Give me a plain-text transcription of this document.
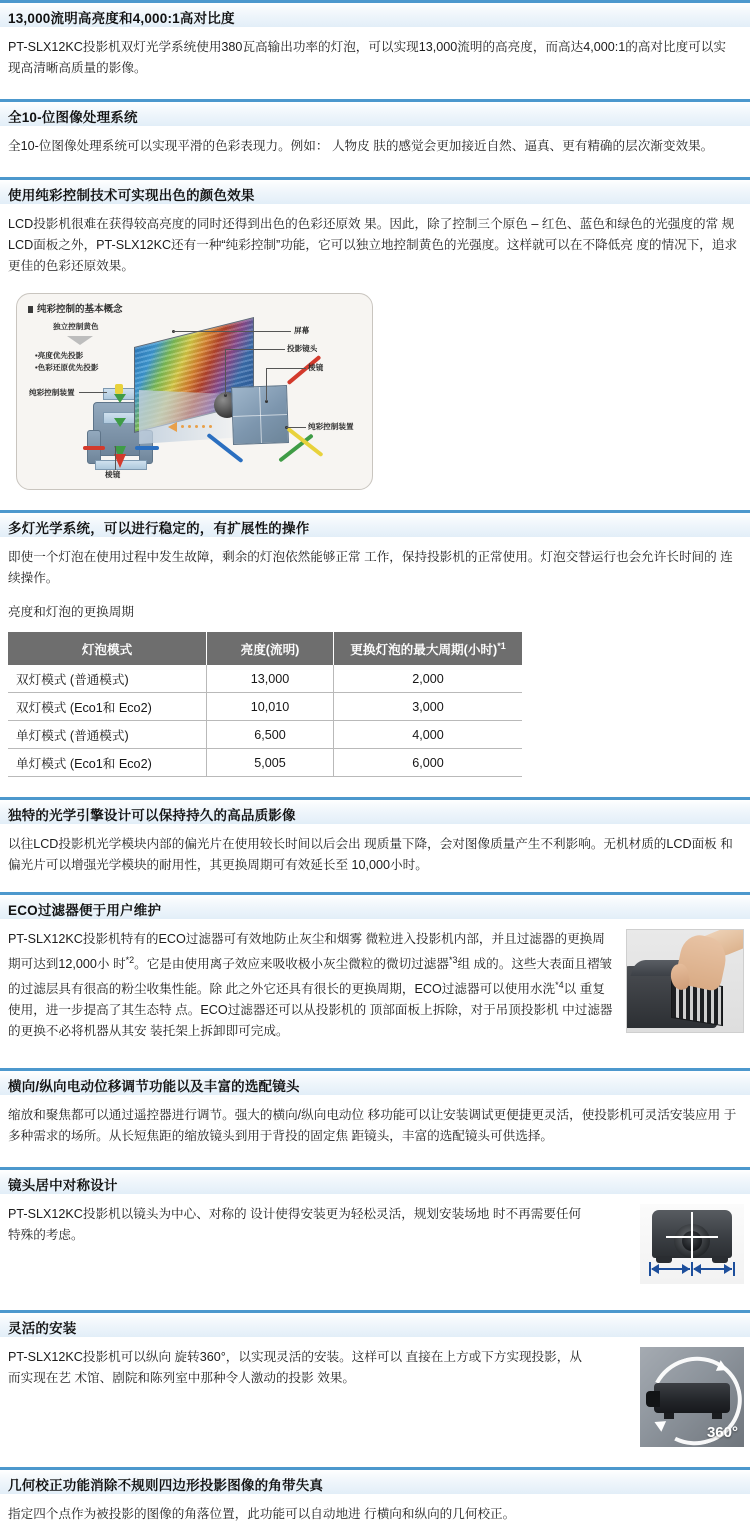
13,000流明高亮度和4,000:1高对比度

PT-SLX12KC投影机双灯光学系统使用380瓦高输出功率的灯泡，可以实现13,000流明的高亮度，而高达4,000:1的高对比度可以实 现高清晰高质量的影像。

全10-位图像处理系统

全10-位图像处理系统可以实现平滑的色彩表现力。例如： 人物皮 肤的感觉会更加接近自然、逼真、更有精确的层次渐变效果。

使用纯彩控制技术可实现出色的颜色效果

LCD投影机很难在获得较高亮度的同时还得到出色的色彩还原效 果。因此，除了控制三个原色 – 红色、蓝色和绿色的光强度的常 规LCD面板之外，PT-SLX12KC还有一种“纯彩控制”功能，它可以独立地控制黄色的光强度。这样就可以在不降低亮 度的情况下，追求更佳的色彩还原效果。

纯彩控制的基本概念
独立控制黄色
•亮度优先投影
•色彩还原优先投影
纯彩控制装置
棱镜
屏幕
投影镜头
棱镜
纯彩控制装置
多灯光学系统，可以进行稳定的，有扩展性的操作

即使一个灯泡在使用过程中发生故障，剩余的灯泡依然能够正常 工作，保持投影机的正常使用。灯泡交替运行也会允许长时间的 连续操作。

亮度和灯泡的更换周期

灯泡模式	亮度(流明)	更换灯泡的最大周期(小时)$^{*1}$
双灯模式 (普通模式)	13,000	2,000
双灯模式 (Eco1和 Eco2)	10,010	3,000
单灯模式 (普通模式)	6,500	4,000
单灯模式 (Eco1和 Eco2)	5,005	6,000
独特的光学引擎设计可以保持持久的高品质影像

以往LCD投影机光学模块内部的偏光片在使用较长时间以后会出 现质量下降，会对图像质量产生不利影响。无机材质的LCD面板 和偏光片可以增强光学模块的耐用性，其更换周期可有效延长至 10,000小时。

ECO过滤器便于用户维护

PT-SLX12KC投影机特有的ECO过滤器可有效地防止灰尘和烟雾 微粒进入投影机内部，并且过滤器的更换周期可达到12,000小 时$^{*2}$。它是由使用离子效应来吸收极小灰尘微粒的微切过滤器$^{*3}$组 成的。这些大表面且褶皱的过滤层具有很高的粉尘收集性能。除 此之外它还具有很长的更换周期，ECO过滤器可以使用水洗$^{*4}$以 重复使用，进一步提高了其生态特 点。ECO过滤器还可以从投影机的 顶部面板上拆除，对于吊顶投影机 中过滤器的更换不必将机器从其安 装托架上拆卸即可完成。

横向/纵向电动位移调节功能以及丰富的选配镜头

缩放和聚焦都可以通过遥控器进行调节。强大的横向/纵向电动位 移功能可以让安装调试更便捷更灵活，使投影机可灵活安装应用 于多种需求的场所。从长短焦距的缩放镜头到用于背投的固定焦 距镜头，丰富的选配镜头可供选择。

镜头居中对称设计

PT-SLX12KC投影机以镜头为中心、对称的 设计使得安装更为轻松灵活，规划安装场地 时不再需要任何特殊的考虑。

灵活的安装

PT-SLX12KC投影机可以纵向 旋转360°，以实现灵活的安装。这样可以 直接在上方或下方实现投影，从而实现在艺 术馆、剧院和陈列室中那种令人激动的投影 效果。

360°
几何校正功能消除不规则四边形投影图像的角带失真

指定四个点作为被投影的图像的角落位置，此功能可以自动地进 行横向和纵向的几何校正。
